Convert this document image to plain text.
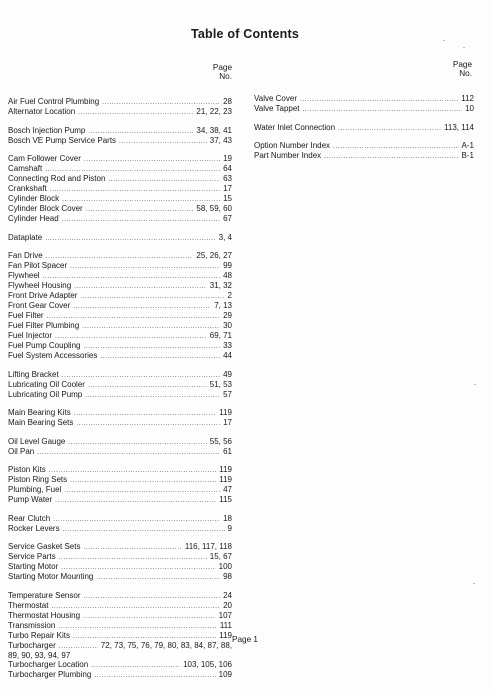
Table of Contents
Page
No.
Page
No.
Air Fuel Control Plumbing .....	28
Alternator Location .....	21, 22, 23
Bosch Injection Pump .....	34, 38, 41
Bosch VE Pump Service Parts .....	37, 43
Cam Follower Cover .....	19
Camshaft .....	64
Connecting Rod and Piston .....	63
Crankshaft .....	17
Cylinder Block .....	15
Cylinder Block Cover .....	58, 59, 60
Cylinder Head .....	67
Dataplate .....	3, 4
Fan Drive .....	25, 26, 27
Fan Pilot Spacer .....	99
Flywheel .....	48
Flywheel Housing .....	31, 32
Front Drive Adapter .....	2
Front Gear Cover .....	7, 13
Fuel Filter .....	29
Fuel Filter Plumbing .....	30
Fuel Injector .....	69, 71
Fuel Pump Coupling .....	33
Fuel System Accessories .....	44
Lifting Bracket .....	49
Lubricating Oil Cooler .....	51, 53
Lubricating Oil Pump .....	57
Main Bearing Kits .....	119
Main Bearing Sets .....	17
Oil Level Gauge .....	55, 56
Oil Pan .....	61
Piston Kits .....	119
Piston Ring Sets .....	119
Plumbing, Fuel .....	47
Pump Water .....	115
Rear Clutch .....	18
Rocker Levers .....	9
Service Gasket Sets .....	116, 117, 118
Service Parts .....	15, 67
Starting Motor .....	100
Starting Motor Mounting .....	98
Temperature Sensor .....	24
Thermostat .....	20
Thermostat Housing .....	107
Transmission .....	111
Turbo Repair Kits .....	119
Turbocharger .....	72, 73, 75, 76, 79, 80, 83, 84, 87, 88,
89, 90, 93, 94, 97
Turbocharger Location .....	103, 105, 106
Turbocharger Plumbing .....	109
Valve Cover .....	112
Valve Tappet .....	10
Water Inlet Connection .....	113, 114
Option Number Index .....	A-1
Part Number Index .....	B-1
Page 1
